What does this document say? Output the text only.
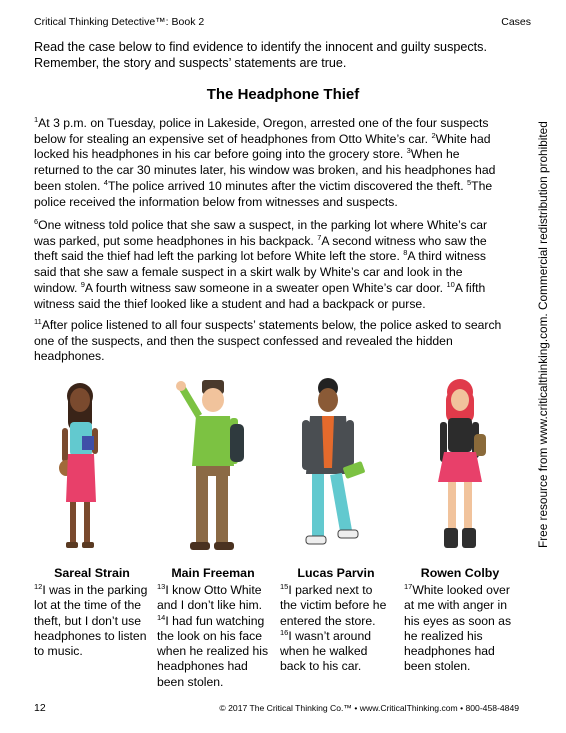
Critical Thinking Detective™: Book 2	Cases
Read the case below to find evidence to identify the innocent and guilty suspects. Remember, the story and suspects’ statements are true.
The Headphone Thief
$^1$At 3 p.m. on Tuesday, police in Lakeside, Oregon, arrested one of the four suspects below for stealing an expensive set of headphones from Otto White’s car. $^2$White had locked his headphones in his car before going into the grocery store. $^3$When he returned to the car 30 minutes later, his window was broken, and his headphones had been stolen. $^4$The police arrived 10 minutes after the victim discovered the theft. $^5$The police received the information below from witnesses and suspects.
$^6$One witness told police that she saw a suspect, in the parking lot where White’s car was parked, put some headphones in his backpack. $^7$A second witness who saw the theft said the thief had left the parking lot before White left the store. $^8$A third witness said that she saw a female suspect in a skirt walk by White’s car and look in the window. $^9$A fourth witness saw someone in a sweater open White’s car door. $^{10}$A fifth witness said the thief looked like a student and had a backpack or purse.
$^{11}$After police listened to all four suspects’ statements below, the police asked to search one of the suspects, and then the suspect confessed and revealed the hidden headphones.	Free resource from www.criticalthinking.com. Commercial redistribution prohibited
Sareal Strain
$^{12}$I was in the parking lot at the time of the theft, but I don’t use headphones to listen to music.
Main Freeman
$^{13}$I know Otto White and I don’t like him.
$^{14}$I had fun watching the look on his face when he realized his headphones had been stolen.
Lucas Parvin
$^{15}$I parked next to the victim before he entered the store.
$^{16}$I wasn’t around when he walked back to his car.
Rowen Colby
$^{17}$White looked over at me with anger in his eyes as soon as he realized his headphones had been stolen.
12	© 2017 The Critical Thinking Co.™ • www.CriticalThinking.com • 800-458-4849
